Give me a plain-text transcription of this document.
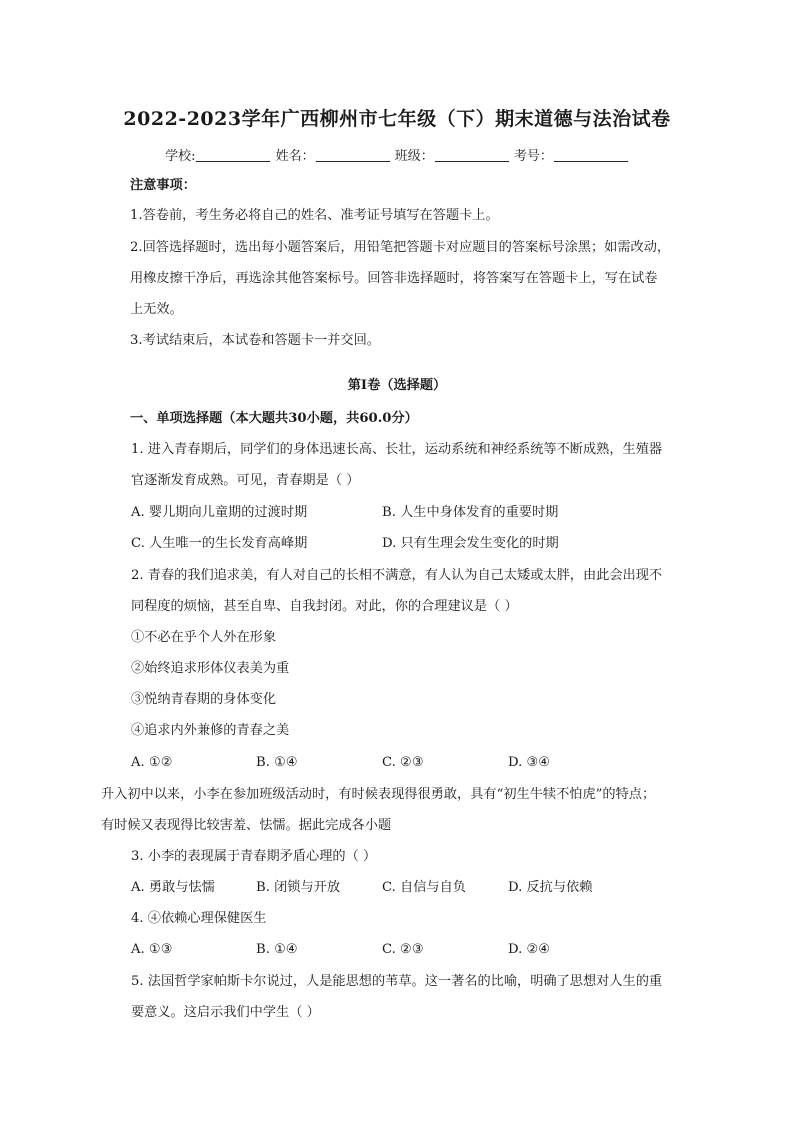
2022-2023学年广西柳州市七年级（下）期末道德与法治试卷
学校:	姓名：	班级：	考号：
注意事项：
1.答卷前，考生务必将自己的姓名、准考证号填写在答题卡上。
2.回答选择题时，选出每小题答案后，用铅笔把答题卡对应题目的答案标号涂黑；如需改动，
用橡皮擦干净后，再选涂其他答案标号。回答非选择题时，将答案写在答题卡上，写在试卷
上无效。
3.考试结束后，本试卷和答题卡一并交回。
第I卷（选择题）
一、单项选择题（本大题共30小题，共60.0分）
1. 进入青春期后，同学们的身体迅速长高、长壮，运动系统和神经系统等不断成熟，生殖器
官逐渐发育成熟。可见，青春期是（ ）
A. 婴儿期向儿童期的过渡时期	B. 人生中身体发育的重要时期
C. 人生唯一的生长发育高峰期	D. 只有生理会发生变化的时期
2. 青春的我们追求美，有人对自己的长相不满意，有人认为自己太矮或太胖，由此会出现不
同程度的烦恼，甚至自卑、自我封闭。对此，你的合理建议是（ ）
①不必在乎个人外在形象
②始终追求形体仪表美为重
③悦纳青春期的身体变化
④追求内外兼修的青春之美
A. ①②	B. ①④	C. ②③	D. ③④
升入初中以来，小李在参加班级活动时，有时候表现得很勇敢，具有“初生牛犊不怕虎”的特点；
有时候又表现得比较害羞、怯懦。据此完成各小题
3. 小李的表现属于青春期矛盾心理的（ ）
A. 勇敢与怯懦	B. 闭锁与开放	C. 自信与自负	D. 反抗与依赖
4. ④依赖心理保健医生
A. ①③	B. ①④	C. ②③	D. ②④
5. 法国哲学家帕斯卡尔说过，人是能思想的苇草。这一著名的比喻，明确了思想对人生的重
要意义。这启示我们中学生（ ）
